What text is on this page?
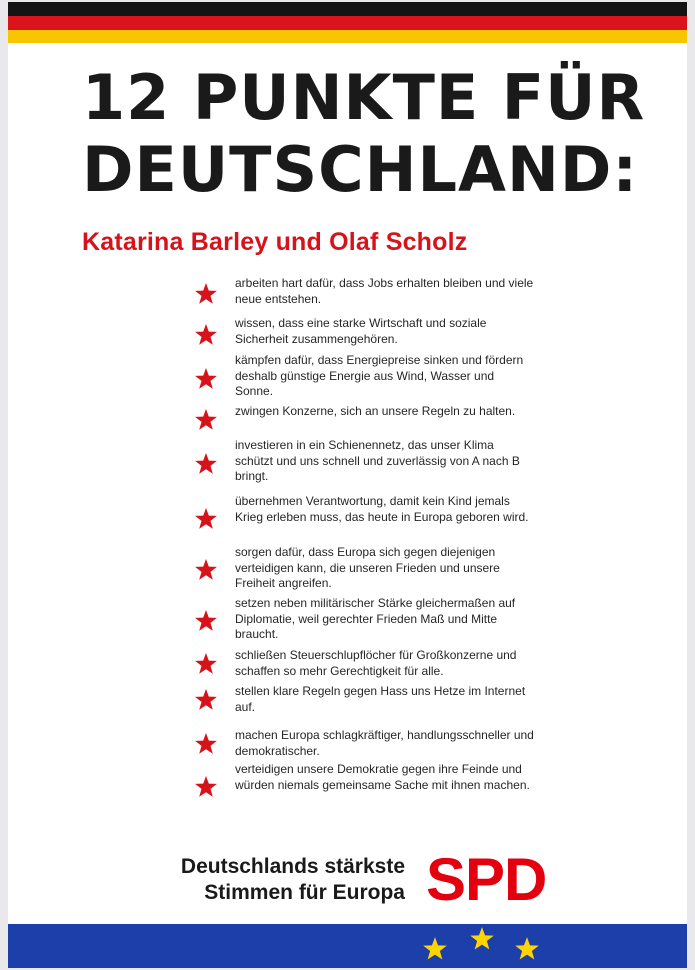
12 PUNKTE FÜR
DEUTSCHLAND:
Katarina Barley und Olaf Scholz
arbeiten hart dafür, dass Jobs erhalten bleiben und viele neue entstehen.
wissen, dass eine starke Wirtschaft und soziale Sicherheit zusammengehören.
kämpfen dafür, dass Energiepreise sinken und fördern deshalb günstige Energie aus Wind, Wasser und Sonne.
zwingen Konzerne, sich an unsere Regeln zu halten.
investieren in ein Schienennetz, das unser Klima schützt und uns schnell und zuverlässig von A nach B bringt.
übernehmen Verantwortung, damit kein Kind jemals Krieg erleben muss, das heute in Europa geboren wird.
sorgen dafür, dass Europa sich gegen diejenigen verteidigen kann, die unseren Frieden und unsere Freiheit angreifen.
setzen neben militärischer Stärke gleichermaßen auf Diplomatie, weil gerechter Frieden Maß und Mitte braucht.
schließen Steuerschlupflöcher für Großkonzerne und schaffen so mehr Gerechtigkeit für alle.
stellen klare Regeln gegen Hass uns Hetze im Internet auf.
machen Europa schlagkräftiger, handlungsschneller und demokratischer.
verteidigen unsere Demokratie gegen ihre Feinde und würden niemals gemeinsame Sache mit ihnen machen.
Deutschlands stärkste
Stimmen für Europa SPD
